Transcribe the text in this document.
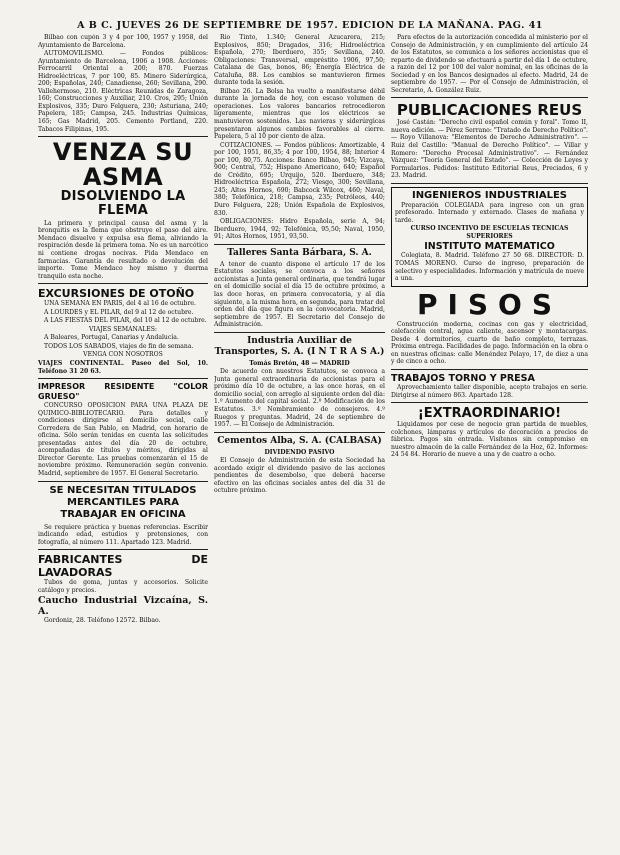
A B C. JUEVES 26 DE SEPTIEMBRE DE 1957. EDICION DE LA MAÑANA. PAG. 41

Bilbao con cupón 3 y 4 por 100, 1957 y 1958, del Ayuntamiento de Barcelona.

AUTOMOVILISMO. — Fondos públicos: Ayuntamiento de Barcelona, 1906 a 1908. Acciones: Ferrocarril Oriental a 200; 870. Fuerzas Hidroeléctricas, 7 por 100, 85. Minero Siderúrgica, 200; Españolas, 240; Canadiense, 260; Sevillana, 290. Vallehermoso, 210. Eléctricas Reunidas de Zaragoza, 160; Construcciones y Auxiliar, 210. Cros, 295; Unión Explosivos, 335; Duro Felguera, 230; Asturiana, 240; Papelera, 185; Campsa, 245. Industrias Químicas, 165; Gas Madrid, 205. Cemento Portland, 220. Tabacos Filipinas, 195.

VENZA SU ASMA
DISOLVIENDO LA FLEMA

La primera y principal causa del asma y la bronquitis es la flema que obstruye el paso del aire. Mendaco disuelve y expulsa esa flema, aliviando la respiración desde la primera toma. No es un narcótico ni contiene drogas nocivas. Pida Mendaco en farmacias. Garantía de resultado o devolución del importe. Tome Mendaco hoy mismo y duerma tranquilo esta noche.

EXCURSIONES DE OTOÑO

UNA SEMANA EN PARIS, del 4 al 16 de octubre.

A LOURDES y EL PILAR, del 9 al 12 de octubre.

A LAS FIESTAS DEL PILAR, del 10 al 12 de octubre.

VIAJES SEMANALES:

A Baleares, Portugal, Canarias y Andalucía.

TODOS LOS SABADOS, viajes de fin de semana.

VENGA CON NOSOTROS

VIAJES CONTINENTAL. Paseo del Sol, 10. Teléfono 31 20 63.

IMPRESOR RESIDENTE "COLOR GRUESO"

CONCURSO OPOSICION PARA UNA PLAZA DE QUIMICO-BIBLIOTECARIO. Para detalles y condiciones dirigirse al domicilio social, calle Corredera de San Pablo, en Madrid, con horario de oficina. Sólo serán tenidas en cuenta las solicitudes presentadas antes del día 20 de octubre, acompañadas de títulos y méritos, dirigidas al Director Gerente. Las pruebas comenzarán el 15 de noviembre próximo. Remuneración según convenio. Madrid, septiembre de 1957. El General Secretario.

SE NECESITAN TITULADOS MERCANTILES PARA TRABAJAR EN OFICINA

Se requiere práctica y buenas referencias. Escribir indicando edad, estudios y pretensiones, con fotografía, al número 111. Apartado 123. Madrid.

FABRICANTES DE LAVADORAS

Tubos de goma, juntas y accesorios. Solicite catálogo y precios.

Caucho Industrial Vizcaína, S. A.

Gordoniz, 28. Teléfono 12572. Bilbao.

Rio Tinto, 1.340; General Azucarera, 215; Explosivos, 850; Dragados, 316; Hidroeléctrica Española, 270; Iberduero, 355; Sevillana, 240. Obligaciones: Transversal, empréstito 1906, 97,50; Catalana de Gas, bonos, 86; Energía Eléctrica de Cataluña, 88. Los cambios se mantuvieron firmes durante toda la sesión.

Bilbao 26. La Bolsa ha vuelto a manifestarse débil durante la jornada de hoy, con escaso volumen de operaciones. Los valores bancarios retrocedieron ligeramente, mientras que los eléctricos se mantuvieron sostenidos. Las navieras y siderúrgicas presentaron algunos cambios favorables al cierre. Papelera, 5 al 10 por ciento de alza.

COTIZACIONES. — Fondos públicos: Amortizable, 4 por 100, 1951, 86,35; 4 por 100, 1954, 88; Interior 4 por 100, 80,75. Acciones: Banco Bilbao, 945; Vizcaya, 900; Central, 752; Hispano Americano, 640; Español de Crédito, 695; Urquijo, 520. Iberduero, 348; Hidroeléctrica Española, 272; Viesgo, 300; Sevillana, 245; Altos Hornos, 690; Babcock Wilcox, 460; Naval, 380; Telefónica, 218; Campsa, 235; Petróleos, 440; Duro Felguera, 228; Unión Española de Explosivos, 830.

OBLIGACIONES: Hidro Española, serie A, 94; Iberduero, 1944, 92; Telefónica, 95,50; Naval, 1950, 91; Altos Hornos, 1951, 93,50.

Talleres Santa Bárbara, S. A.

A tenor de cuanto dispone el artículo 17 de los Estatutos sociales, se convoca a los señores accionistas a Junta general ordinaria, que tendrá lugar en el domicilio social el día 15 de octubre próximo, a las doce horas, en primera convocatoria, y al día siguiente, a la misma hora, en segunda, para tratar del orden del día que figura en la convocatoria. Madrid, septiembre de 1957. El Secretario del Consejo de Administración.

Industria Auxiliar de Transportes, S. A. (I N T R A S A.)

Tomás Bretón, 48 — MADRID

De acuerdo con nuestros Estatutos, se convoca a Junta general extraordinaria de accionistas para el próximo día 10 de octubre, a las once horas, en el domicilio social, con arreglo al siguiente orden del día: 1.º Aumento del capital social. 2.º Modificación de los Estatutos. 3.º Nombramiento de consejeros. 4.º Ruegos y preguntas. Madrid, 24 de septiembre de 1957. — El Consejo de Administración.

Cementos Alba, S. A. (CALBASA)

DIVIDENDO PASIVO

El Consejo de Administración de esta Sociedad ha acordado exigir el dividendo pasivo de las acciones pendientes de desembolso, que deberá hacerse efectivo en las oficinas sociales antes del día 31 de octubre próximo.

Para efectos de la autorización concedida al ministerio por el Consejo de Administración, y en cumplimiento del artículo 24 de los Estatutos, se comunica a los señores accionistas que el reparto de dividendo se efectuará a partir del día 1 de octubre, a razón del 12 por 100 del valor nominal, en las oficinas de la Sociedad y en los Bancos designados al efecto. Madrid, 24 de septiembre de 1957. — Por el Consejo de Administración, el Secretario, A. González Ruiz.

PUBLICACIONES REUS

José Castán: "Derecho civil español común y foral". Tomo II, nueva edición. — Pérez Serrano: "Tratado de Derecho Político". — Royo Villanova: "Elementos de Derecho Administrativo". — Ruiz del Castillo: "Manual de Derecho Político". — Villar y Romero: "Derecho Procesal Administrativo". — Fernández Vázquez: "Teoría General del Estado". — Colección de Leyes y Formularios. Pedidos: Instituto Editorial Reus, Preciados, 6 y 23. Madrid.

INGENIEROS INDUSTRIALES

Preparación COLEGIADA para ingreso con un gran profesorado. Internado y externado. Clases de mañana y tarde.

CURSO INCENTIVO DE ESCUELAS TECNICAS SUPERIORES

INSTITUTO MATEMATICO

Colegiata, 8. Madrid. Teléfono 27 50 68. DIRECTOR: D. TOMAS MORENO. Curso de ingreso, preparación de selectivo y especialidades. Información y matrícula de nueve a una.

PISOS

Construcción moderna, cocinas con gas y electricidad, calefacción central, agua caliente, ascensor y montacargas. Desde 4 dormitorios, cuarto de baño completo, terrazas. Próxima entrega. Facilidades de pago. Información en la obra o en nuestras oficinas: calle Menéndez Pelayo, 17, de diez a una y de cinco a ocho.

TRABAJOS TORNO Y PRESA

Aprovechamiento taller disponible, acepto trabajos en serie. Dirigirse al número 863. Apartado 128.

¡EXTRAORDINARIO!

Liquidamos por cese de negocio gran partida de muebles, colchones, lámparas y artículos de decoración a precios de fábrica. Pagos sin entrada. Visítenos sin compromiso en nuestro almacén de la calle Fernández de la Hoz, 62. Informes: 24 54 84. Horario de nueve a una y de cuatro a ocho.
